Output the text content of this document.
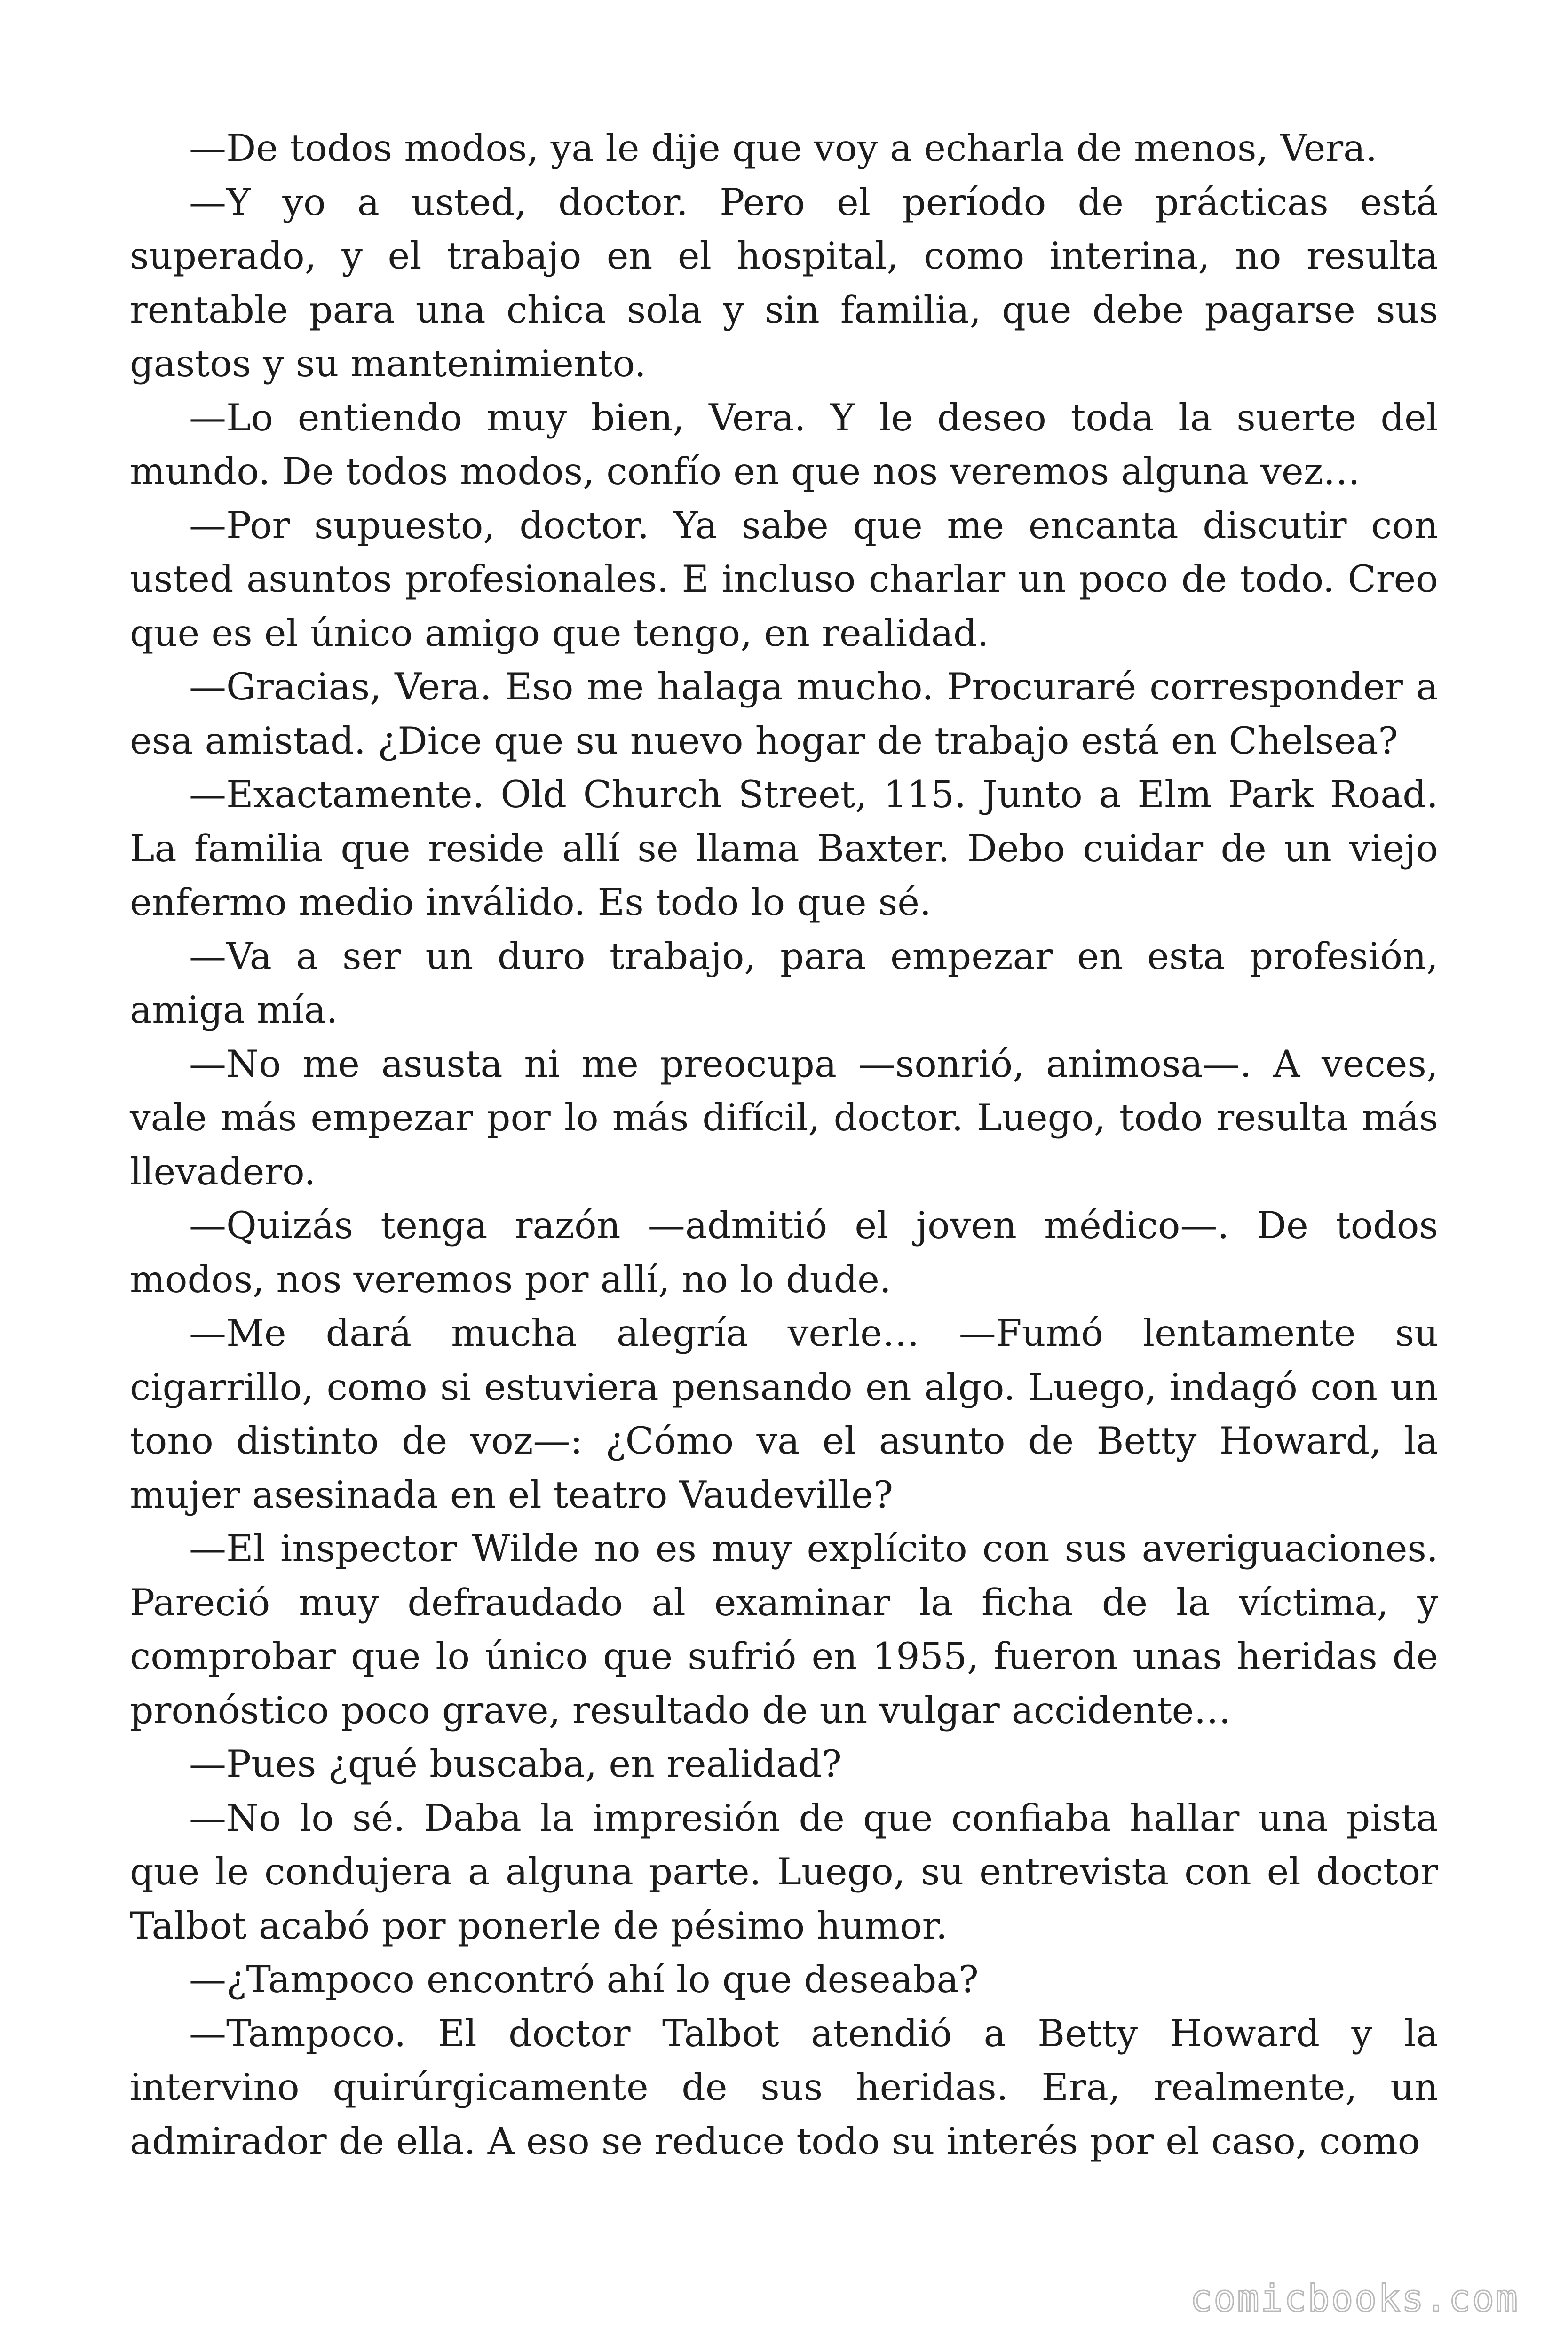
—De todos modos, ya le dije que voy a echarla de menos, Vera.

—Y yo a usted, doctor. Pero el período de prácticas está superado, y el trabajo en el hospital, como interina, no resulta rentable para una chica sola y sin familia, que debe pagarse sus gastos y su mantenimiento.

—Lo entiendo muy bien, Vera. Y le deseo toda la suerte del mundo. De todos modos, confío en que nos veremos alguna vez…

—Por supuesto, doctor. Ya sabe que me encanta discutir con usted asuntos profesionales. E incluso charlar un poco de todo. Creo que es el único amigo que tengo, en realidad.

—Gracias, Vera. Eso me halaga mucho. Procuraré corresponder a esa amistad. ¿Dice que su nuevo hogar de trabajo está en Chelsea?

—Exactamente. Old Church Street, 115. Junto a Elm Park Road. La familia que reside allí se llama Baxter. Debo cuidar de un viejo enfermo medio inválido. Es todo lo que sé.

—Va a ser un duro trabajo, para empezar en esta profesión, amiga mía.

—No me asusta ni me preocupa —sonrió, animosa—. A veces, vale más empezar por lo más difícil, doctor. Luego, todo resulta más llevadero.

—Quizás tenga razón —admitió el joven médico—. De todos modos, nos veremos por allí, no lo dude.

—Me dará mucha alegría verle… —Fumó lentamente su cigarrillo, como si estuviera pensando en algo. Luego, indagó con un tono distinto de voz—: ¿Cómo va el asunto de Betty Howard, la mujer asesinada en el teatro Vaudeville?

—El inspector Wilde no es muy explícito con sus averiguaciones. Pareció muy defraudado al examinar la ficha de la víctima, y comprobar que lo único que sufrió en 1955, fueron unas heridas de pronóstico poco grave, resultado de un vulgar accidente…

—Pues ¿qué buscaba, en realidad?

—No lo sé. Daba la impresión de que confiaba hallar una pista que le condujera a alguna parte. Luego, su entrevista con el doctor Talbot acabó por ponerle de pésimo humor.

—¿Tampoco encontró ahí lo que deseaba?

—Tampoco. El doctor Talbot atendió a Betty Howard y la intervino quirúrgicamente de sus heridas. Era, realmente, un admirador de ella. A eso se reduce todo su interés por el caso, como

comicbooks.com
